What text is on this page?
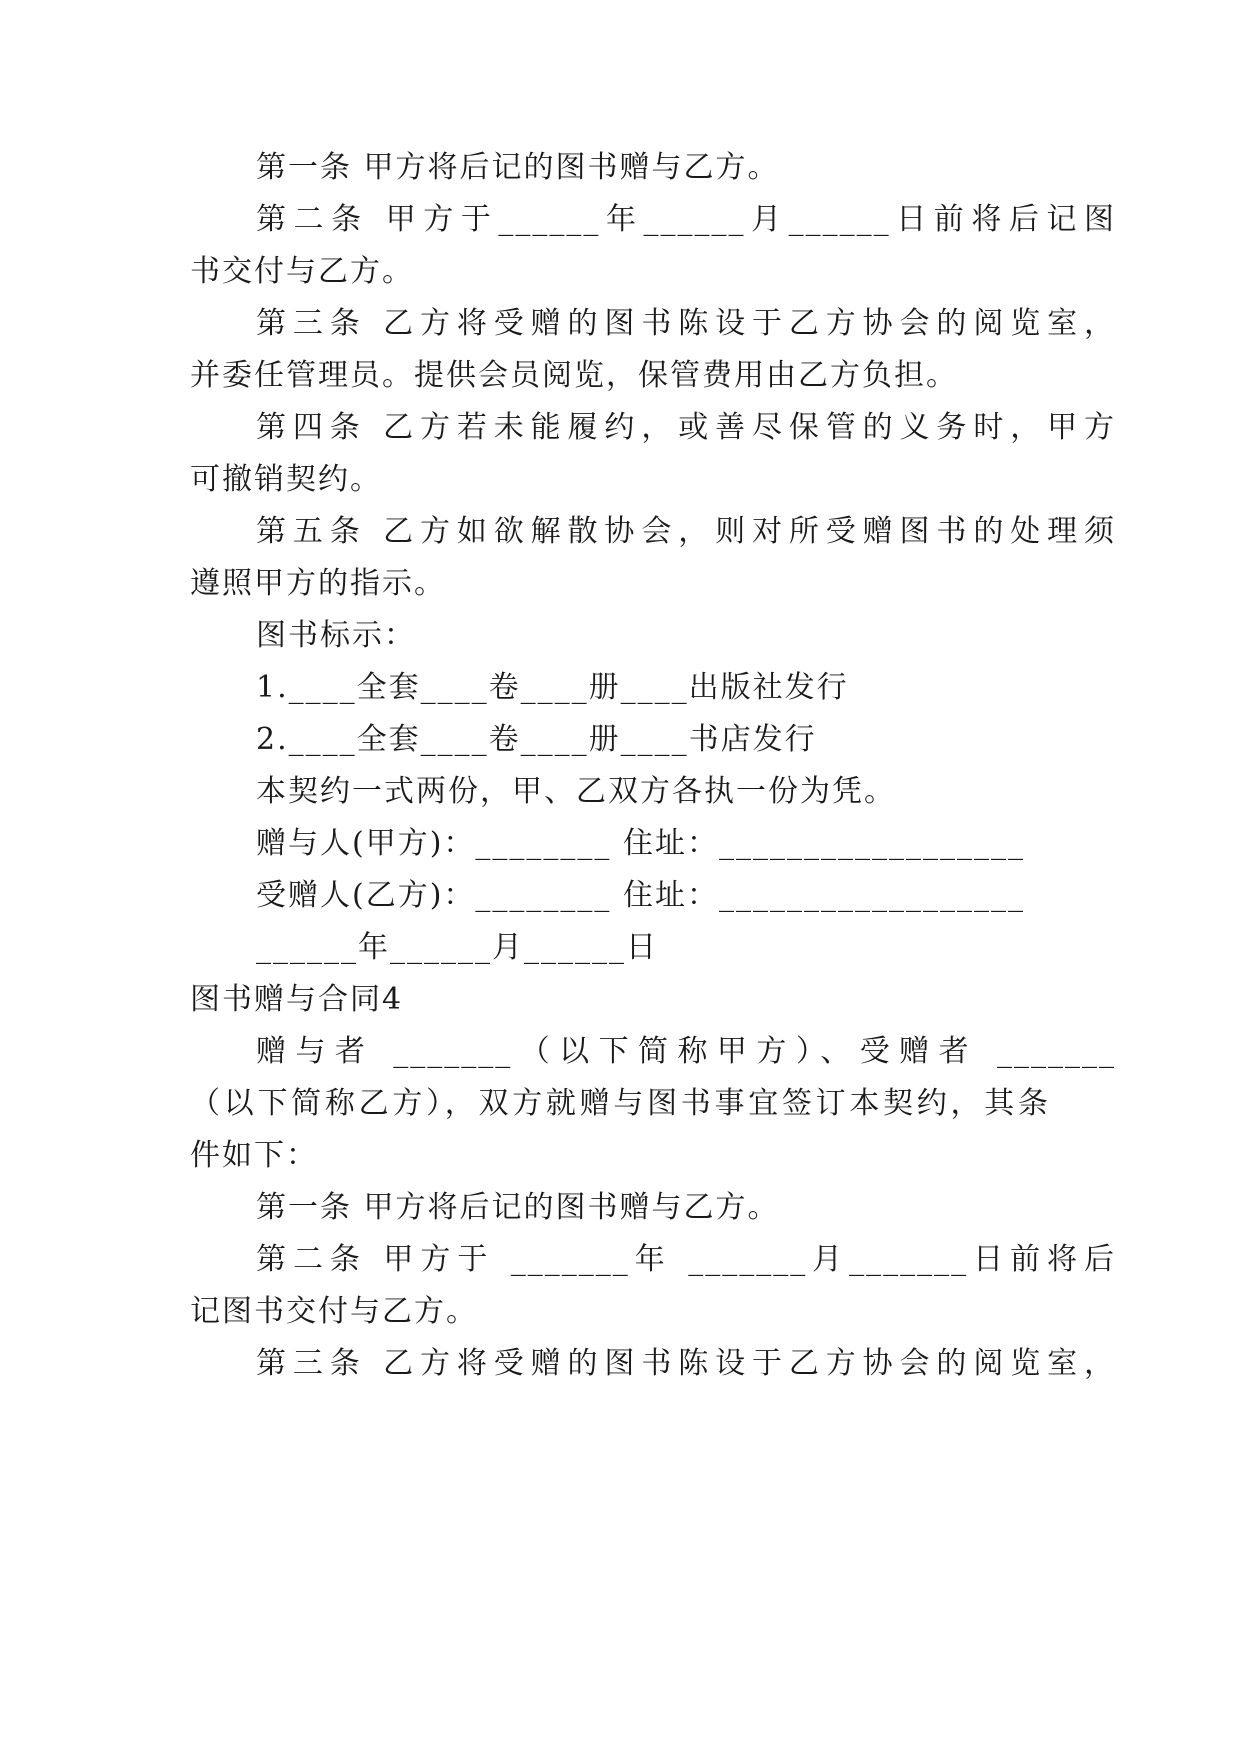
第一条 甲方将后记的图书赠与乙方。
第二条 甲方于______年______月______日前将后记图
书交付与乙方。
第三条 乙方将受赠的图书陈设于乙方协会的阅览室，
并委任管理员。提供会员阅览，保管费用由乙方负担。
第四条 乙方若未能履约，或善尽保管的义务时，甲方
可撤销契约。
第五条 乙方如欲解散协会，则对所受赠图书的处理须
遵照甲方的指示。
图书标示：
1.____全套____卷____册____出版社发行
2.____全套____卷____册____书店发行
本契约一式两份，甲、乙双方各执一份为凭。
赠与人(甲方)：________ 住址：__________________
受赠人(乙方)：________ 住址：__________________
______年______月______日
图书赠与合同4
赠与者 _______（以下简称甲方）、受赠者 _______
（以下简称乙方），双方就赠与图书事宜签订本契约，其条
件如下：
第一条 甲方将后记的图书赠与乙方。
第二条 甲方于 _______年 _______月_______日前将后
记图书交付与乙方。
第三条 乙方将受赠的图书陈设于乙方协会的阅览室，
